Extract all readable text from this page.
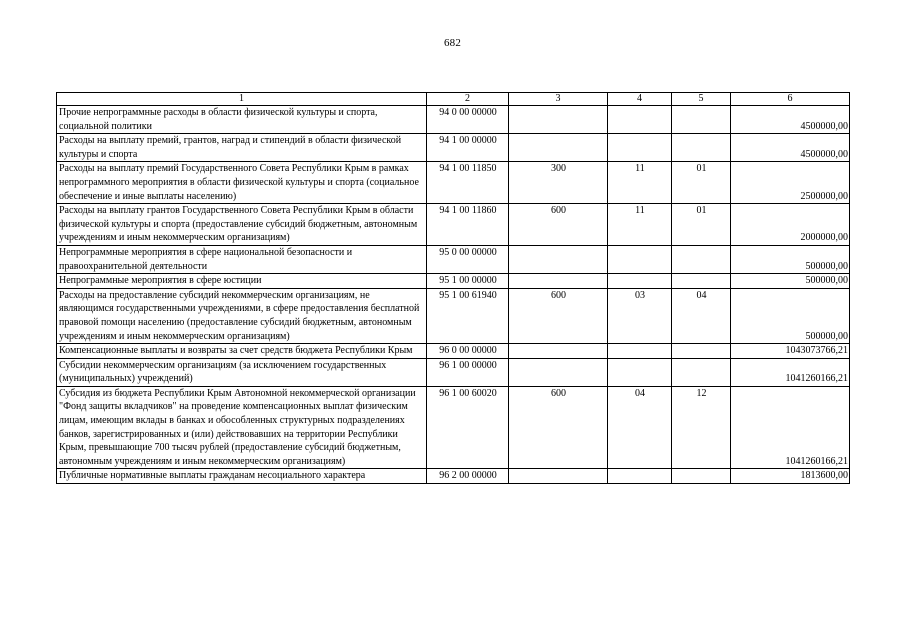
682
1	2	3	4	5	6
Прочие непрограммные расходы в области физической культуры и спорта, социальной политики	94 0 00 00000				4500000,00
Расходы на выплату премий, грантов, наград и стипендий в области физической культуры и спорта	94 1 00 00000				4500000,00
Расходы на выплату премий Государственного Совета Республики Крым в рамках непрограммного мероприятия в области физической культуры и спорта (социальное обеспечение и иные выплаты населению)	94 1 00 11850	300	11	01	2500000,00
Расходы на выплату грантов Государственного Совета Республики Крым в области физической культуры и спорта (предоставление субсидий бюджетным, автономным учреждениям и иным некоммерческим организациям)	94 1 00 11860	600	11	01	2000000,00
Непрограммные мероприятия в сфере национальной безопасности и правоохранительной деятельности	95 0 00 00000				500000,00
Непрограммные мероприятия в сфере юстиции	95 1 00 00000				500000,00
Расходы на предоставление субсидий некоммерческим организациям, не являющимся государственными учреждениями, в сфере предоставления бесплатной правовой помощи населению (предоставление субсидий бюджетным, автономным учреждениям и иным некоммерческим организациям)	95 1 00 61940	600	03	04	500000,00
Компенсационные выплаты и возвраты за счет средств бюджета Республики Крым	96 0 00 00000				1043073766,21
Субсидии некоммерческим организациям (за исключением государственных (муниципальных) учреждений)	96 1 00 00000				1041260166,21
Субсидия из бюджета Республики Крым Автономной некоммерческой организации "Фонд защиты вкладчиков" на проведение компенсационных выплат физическим лицам, имеющим вклады в банках и обособленных структурных подразделениях банков, зарегистрированных и (или) действовавших на территории Республики Крым, превышающие 700 тысяч рублей (предоставление субсидий бюджетным, автономным учреждениям и иным некоммерческим организациям)	96 1 00 60020	600	04	12	1041260166,21
Публичные нормативные выплаты гражданам несоциального характера	96 2 00 00000				1813600,00
